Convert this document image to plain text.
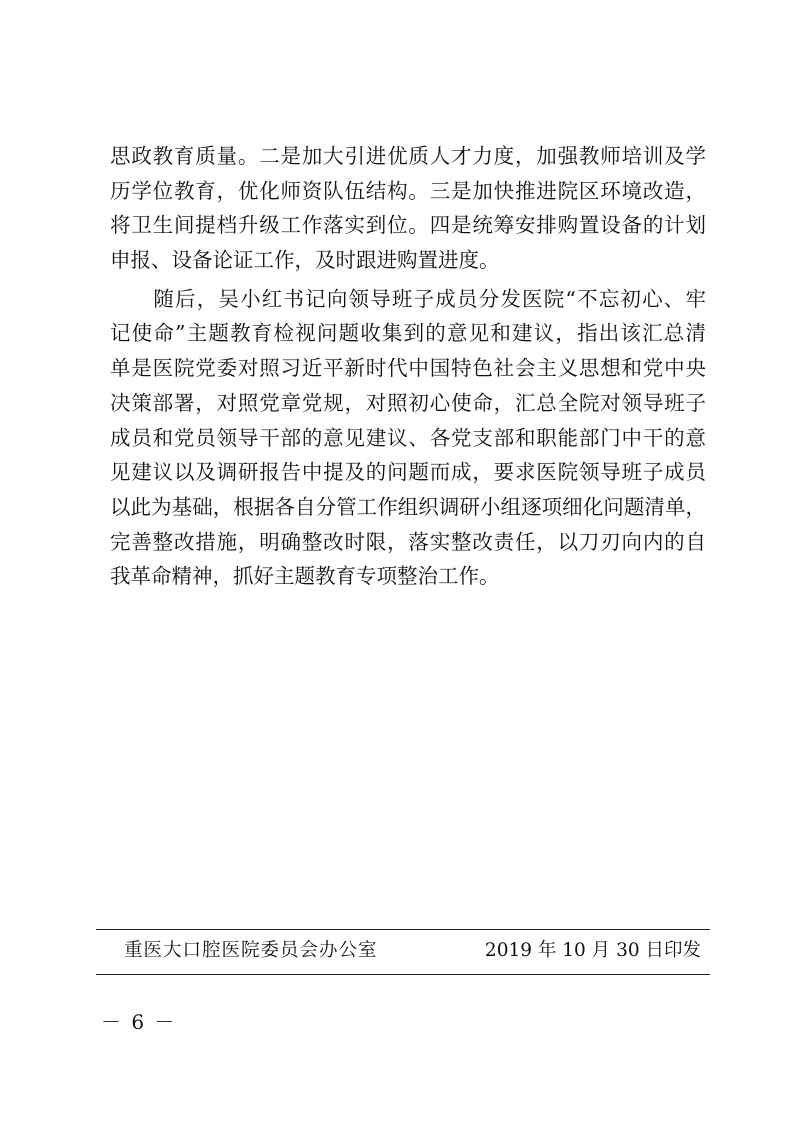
思政教育质量。二是加大引进优质人才力度，加强教师培训及学
历学位教育，优化师资队伍结构。三是加快推进院区环境改造，
将卫生间提档升级工作落实到位。四是统筹安排购置设备的计划
申报、设备论证工作，及时跟进购置进度。
　　随后，吴小红书记向领导班子成员分发医院“不忘初心、牢
记使命”主题教育检视问题收集到的意见和建议，指出该汇总清
单是医院党委对照习近平新时代中国特色社会主义思想和党中央
决策部署，对照党章党规，对照初心使命，汇总全院对领导班子
成员和党员领导干部的意见建议、各党支部和职能部门中干的意
见建议以及调研报告中提及的问题而成，要求医院领导班子成员
以此为基础，根据各自分管工作组织调研小组逐项细化问题清单，
完善整改措施，明确整改时限，落实整改责任，以刀刃向内的自
我革命精神，抓好主题教育专项整治工作。
重医大口腔医院委员会办公室	2019 年 10 月 30 日印发
－ 6 －
